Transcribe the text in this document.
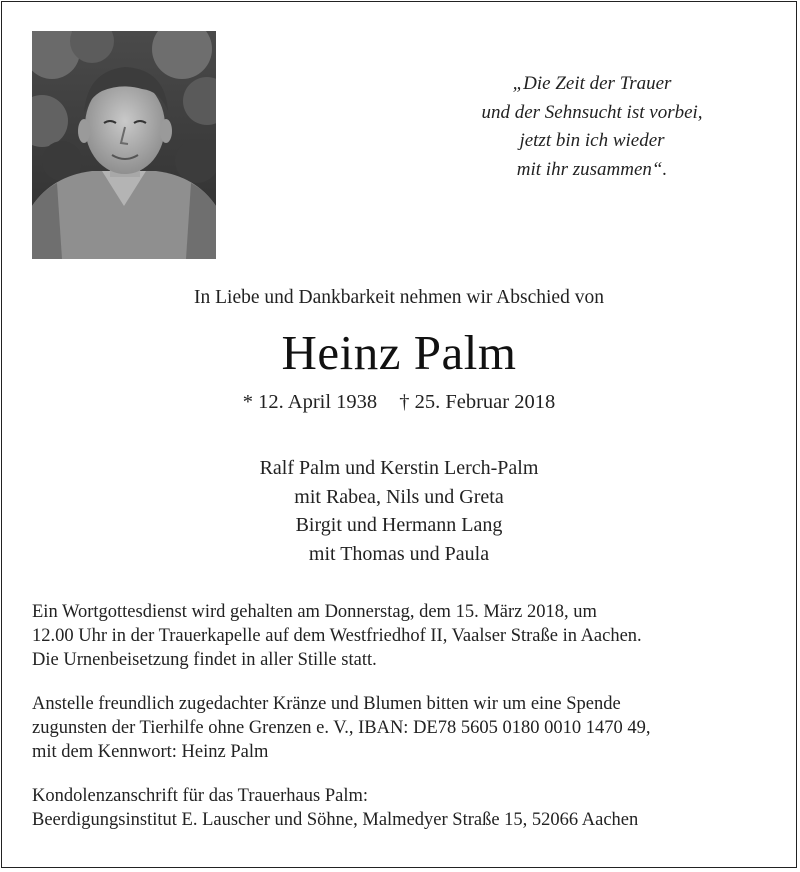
„Die Zeit der Trauer
und der Sehnsucht ist vorbei,
jetzt bin ich wieder
mit ihr zusammen“.
In Liebe und Dankbarkeit nehmen wir Abschied von
Heinz Palm
* 12. April 1938 † 25. Februar 2018
Ralf Palm und Kerstin Lerch-Palm
mit Rabea, Nils und Greta
Birgit und Hermann Lang
mit Thomas und Paula
Ein Wortgottesdienst wird gehalten am Donnerstag, dem 15. März 2018, um
12.00 Uhr in der Trauerkapelle auf dem Westfriedhof II, Vaalser Straße in Aachen.
Die Urnenbeisetzung findet in aller Stille statt.
Anstelle freundlich zugedachter Kränze und Blumen bitten wir um eine Spende
zugunsten der Tierhilfe ohne Grenzen e. V., IBAN: DE78 5605 0180 0010 1470 49,
mit dem Kennwort: Heinz Palm
Kondolenzanschrift für das Trauerhaus Palm:
Beerdigungsinstitut E. Lauscher und Söhne, Malmedyer Straße 15, 52066 Aachen
